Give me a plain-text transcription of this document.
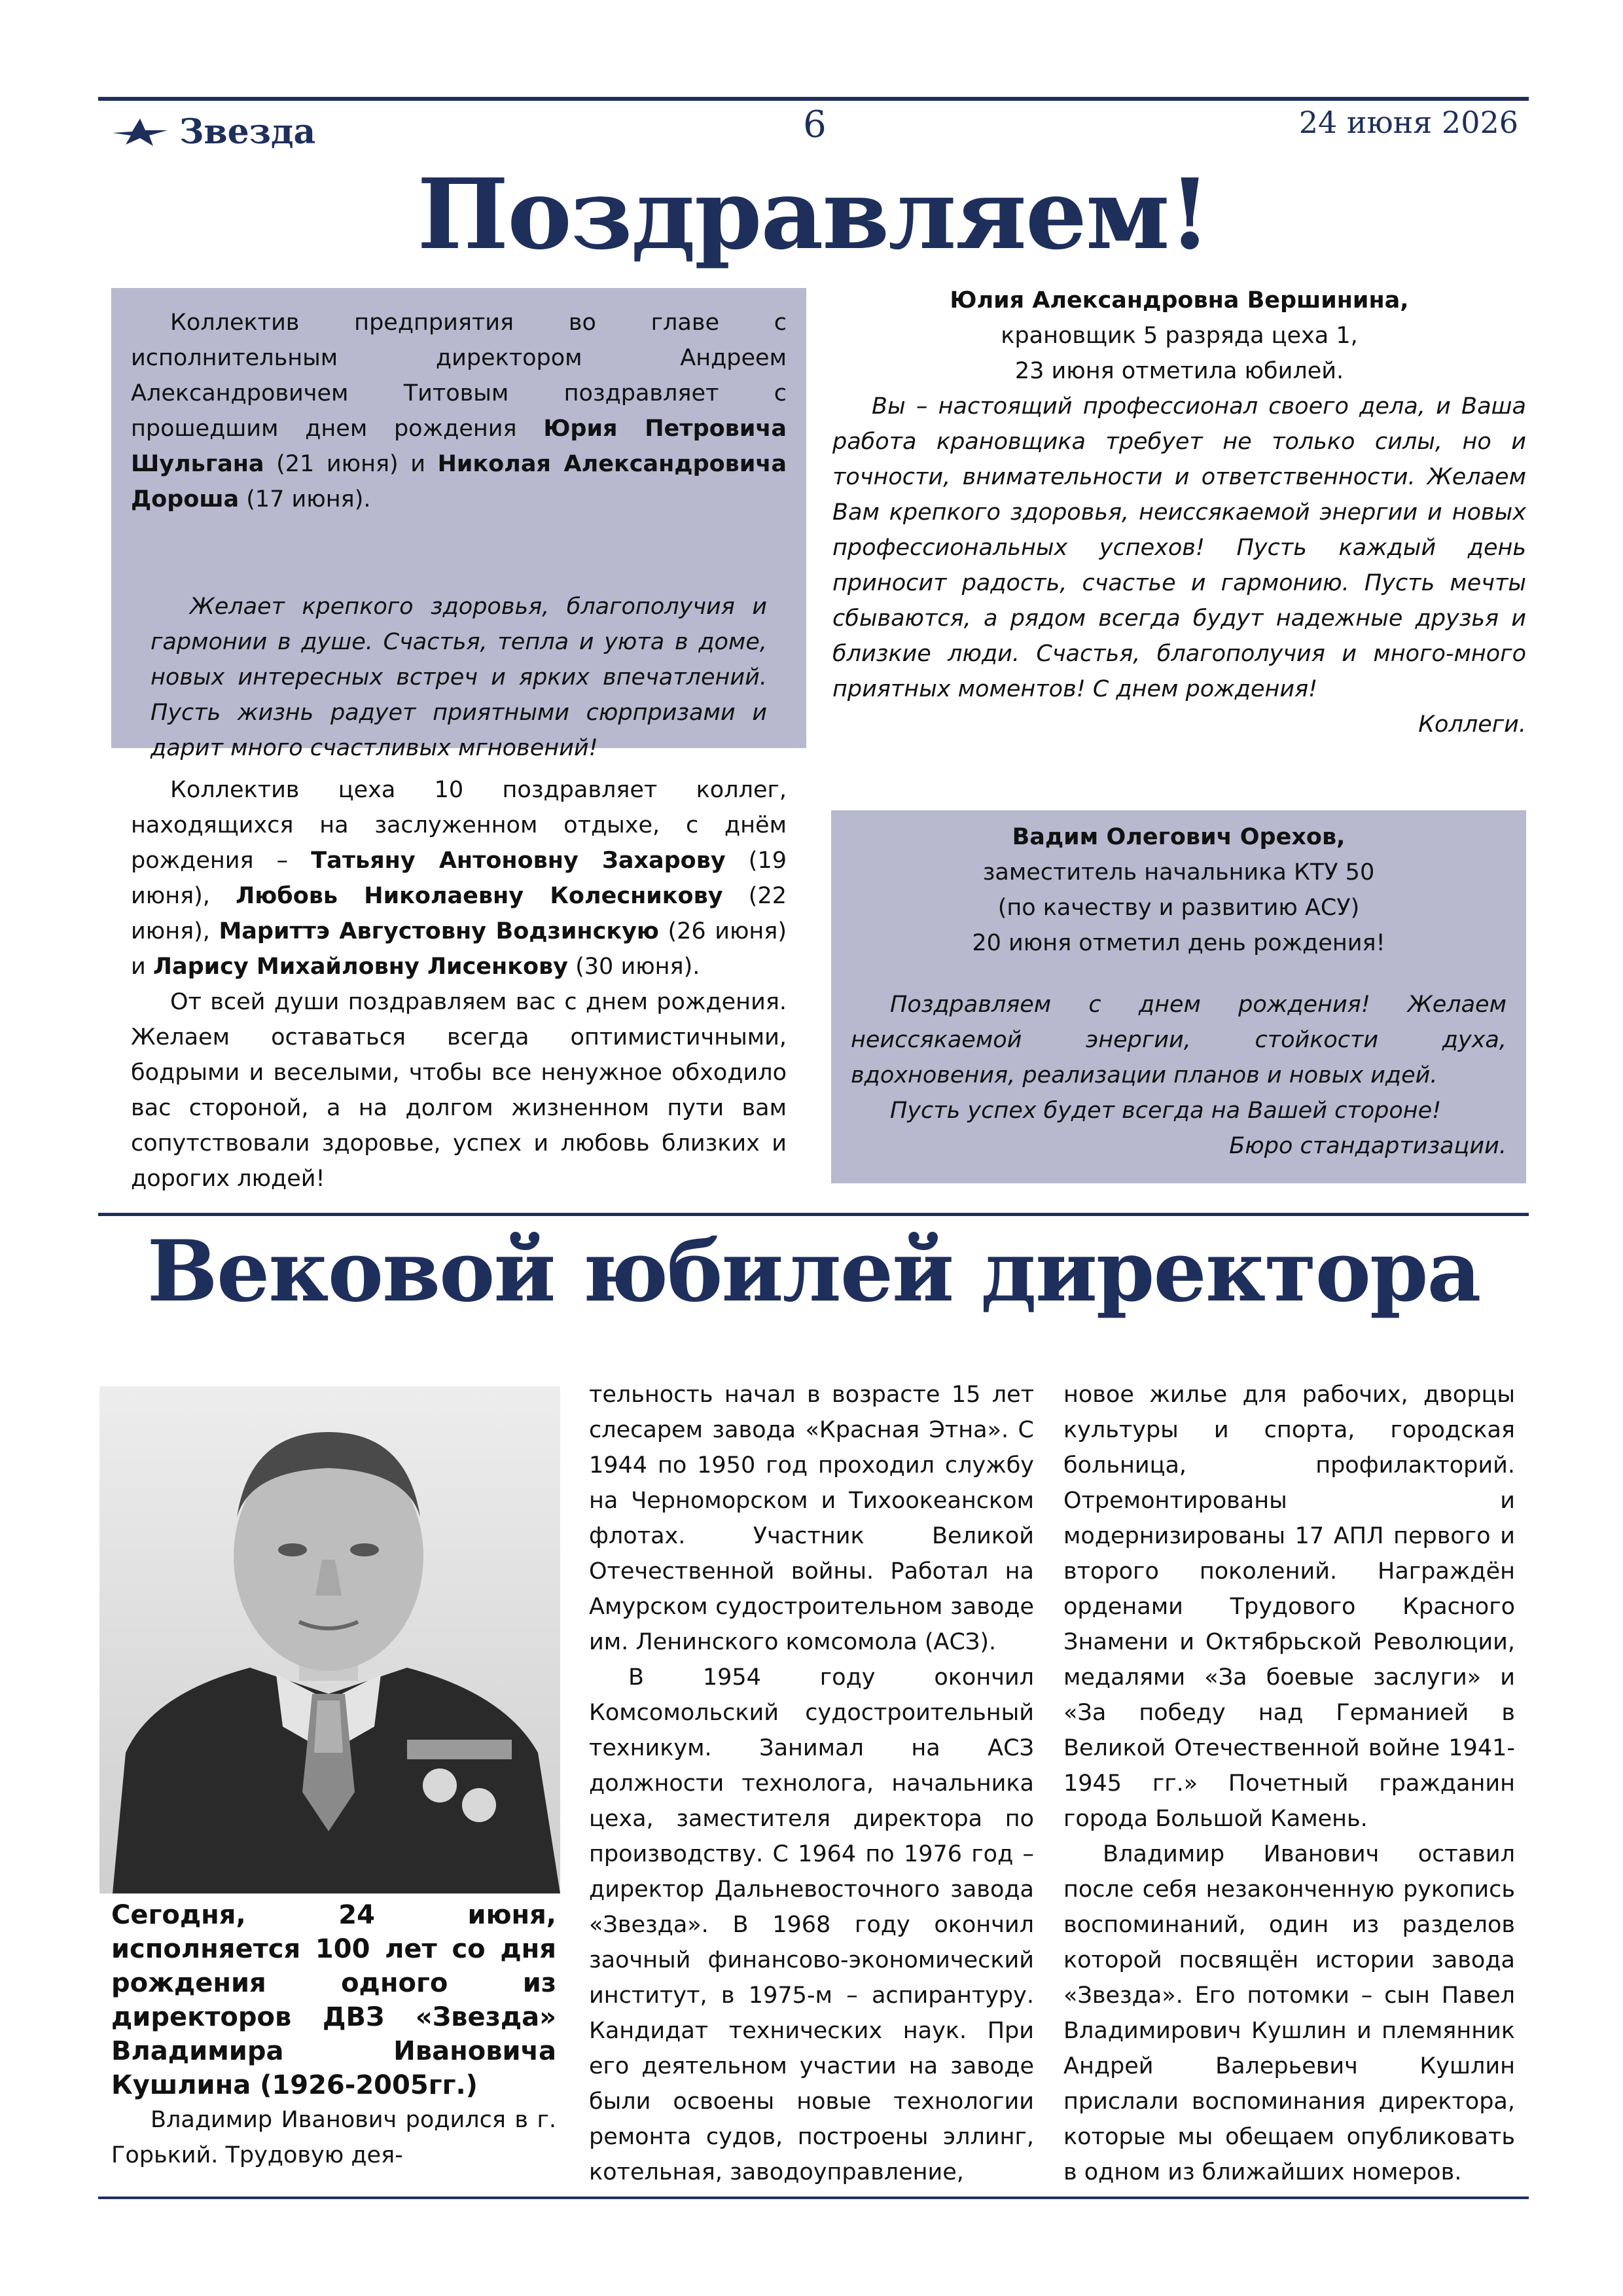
Звезда	6	24 июня 2026
Поздравляем!
Коллектив предприятия во главе с исполнительным директором Андреем Александровичем Титовым поздравляет с прошедшим днем рождения Юрия Петровича Шульгана (21 июня) и Николая Александровича Дороша (17 июня).
Желает крепкого здоровья, благополучия и гармонии в душе. Счастья, тепла и уюта в доме, новых интересных встреч и ярких впечатлений. Пусть жизнь радует приятными сюрпризами и дарит много счастливых мгновений!
Коллектив цеха 10 поздравляет коллег, находящихся на заслуженном отдыхе, с днём рождения – Татьяну Антоновну Захарову (19 июня), Любовь Николаевну Колесникову (22 июня), Мариттэ Августовну Водзинскую (26 июня) и Ларису Михайловну Лисенкову (30 июня).
От всей души поздравляем вас с днем рождения. Желаем оставаться всегда оптимистичными, бодрыми и веселыми, чтобы все ненужное обходило вас стороной, а на долгом жизненном пути вам сопутствовали здоровье, успех и любовь близких и дорогих людей!
Юлия Александровна Вершинина,
крановщик 5 разряда цеха 1,
23 июня отметила юбилей.
Вы – настоящий профессионал своего дела, и Ваша работа крановщика требует не только силы, но и точности, внимательности и ответственности. Желаем Вам крепкого здоровья, неиссякаемой энергии и новых профессиональных успехов! Пусть каждый день приносит радость, счастье и гармонию. Пусть мечты сбываются, а рядом всегда будут надежные друзья и близкие люди. Счастья, благополучия и много-много приятных моментов! С днем рождения!
Коллеги.
Вадим Олегович Орехов,
заместитель начальника КТУ 50
(по качеству и развитию АСУ)
20 июня отметил день рождения!
Поздравляем с днем рождения! Желаем неиссякаемой энергии, стойкости духа, вдохновения, реализации планов и новых идей.
Пусть успех будет всегда на Вашей стороне!
Бюро стандартизации.
Вековой юбилей директора
Сегодня, 24 июня, исполняется 100 лет со дня рождения одного из директоров ДВЗ «Звезда» Владимира Ивановича Кушлина (1926-2005гг.)
Владимир Иванович родился в г. Горький. Трудовую дея-
тельность начал в возрасте 15 лет слесарем завода «Красная Этна». С 1944 по 1950 год проходил службу на Черноморском и Тихоокеанском флотах. Участник Великой Отечественной войны. Работал на Амурском судостроительном заводе им. Ленинского комсомола (АСЗ).
В 1954 году окончил Комсомольский судостроительный техникум. Занимал на АСЗ должности технолога, начальника цеха, заместителя директора по производству. С 1964 по 1976 год – директор Дальневосточного завода «Звезда». В 1968 году окончил заочный финансово-экономический институт, в 1975-м – аспирантуру. Кандидат технических наук. При его деятельном участии на заводе были освоены новые технологии ремонта судов, построены эллинг, котельная, заводоуправление,
новое жилье для рабочих, дворцы культуры и спорта, городская больница, профилакторий. Отремонтированы и модернизированы 17 АПЛ первого и второго поколений. Награждён орденами Трудового Красного Знамени и Октябрьской Революции, медалями «За боевые заслуги» и «За победу над Германией в Великой Отечественной войне 1941- 1945 гг.» Почетный гражданин города Большой Камень.
Владимир Иванович оставил после себя незаконченную рукопись воспоминаний, один из разделов которой посвящён истории завода «Звезда». Его потомки – сын Павел Владимирович Кушлин и племянник Андрей Валерьевич Кушлин прислали воспоминания директора, которые мы обещаем опубликовать в одном из ближайших номеров.
